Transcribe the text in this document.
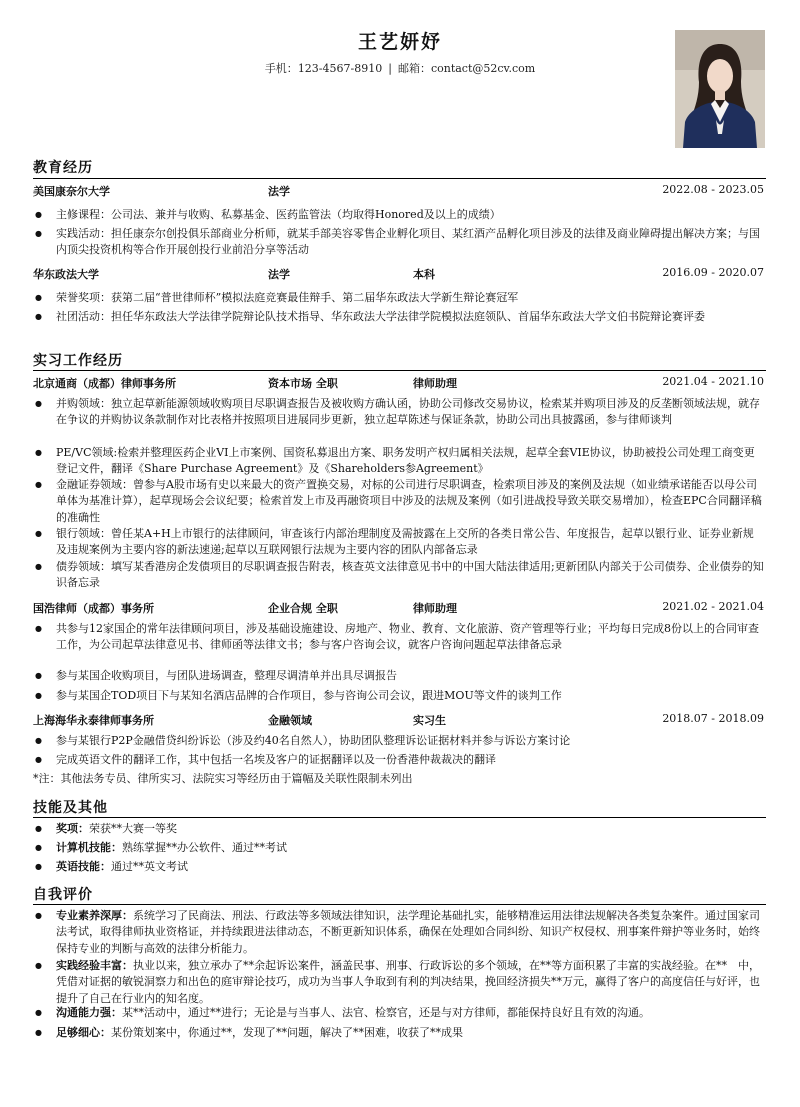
王艺妍妤
手机：123-4567-8910 | 邮箱：contact@52cv.com
教育经历
美国康奈尔大学	法学	2022.08 - 2023.05
● 主修课程：公司法、兼并与收购、私募基金、医药监管法（均取得Honored及以上的成绩）
● 实践活动：担任康奈尔创投俱乐部商业分析师，就某手部美容零售企业孵化项目、某红酒产品孵化项目涉及的法律及商业障碍提出解决方案；与国内顶尖投资机构等合作开展创投行业前沿分享等活动
华东政法大学	法学	本科	2016.09 - 2020.07
● 荣誉奖项：获第二届“普世律师杯”模拟法庭竞赛最佳辩手、第二届华东政法大学新生辩论赛冠军
● 社团活动：担任华东政法大学法律学院辩论队技术指导、华东政法大学法律学院模拟法庭领队、首届华东政法大学文伯书院辩论赛评委
实习工作经历
北京通商（成都）律师事务所	资本市场 全职	律师助理	2021.04 - 2021.10
● 并购领域：独立起草新能源领域收购项目尽职调查报告及被收购方确认函，协助公司修改交易协议，检索某并购项目涉及的反垄断领域法规，就存在争议的并购协议条款制作对比表格并按照项目进展同步更新，独立起草陈述与保证条款，协助公司出具披露函，参与律师谈判
● PE/VC领域:检索并整理医药企业VI上市案例、国资私募退出方案、职务发明产权归属相关法规，起草全套VIE协议，协助被投公司处理工商变更登记文件，翻译《Share Purchase Agreement》及《Shareholders参Agreement》
● 金融证券领域：曾参与A股市场有史以来最大的资产置换交易，对标的公司进行尽职调查，检索项目涉及的案例及法规（如业绩承诺能否以母公司单体为基准计算），起草现场会会议纪要；检索首发上市及再融资项目中涉及的法规及案例（如引进战投导致关联交易增加），检查EPC合同翻译稿的准确性
● 银行领域：曾任某A+H上市银行的法律顾问，审查该行内部治理制度及需披露在上交所的各类日常公告、年度报告，起草以银行业、证券业新规及违规案例为主要内容的新法速递;起草以互联网银行法规为主要内容的团队内部备忘录
● 债券领域：填写某香港房企发债项目的尽职调查报告附表，核查英文法律意见书中的中国大陆法律适用;更新团队内部关于公司债券、企业债券的知识备忘录
国浩律师（成都）事务所	企业合规 全职	律师助理	2021.02 - 2021.04
● 共参与12家国企的常年法律顾问项目，涉及基础设施建设、房地产、物业、教育、文化旅游、资产管理等行业；平均每日完成8份以上的合同审查工作，为公司起草法律意见书、律师函等法律文书；参与客户咨询会议，就客户咨询问题起草法律备忘录
● 参与某国企收购项目，与团队进场调查，整理尽调清单并出具尽调报告
● 参与某国企TOD项目下与某知名酒店品牌的合作项目，参与咨询公司会议，跟进MOU等文件的谈判工作
上海海华永泰律师事务所	金融领域	实习生	2018.07 - 2018.09
● 参与某银行P2P金融借贷纠纷诉讼（涉及约40名自然人），协助团队整理诉讼证据材料并参与诉讼方案讨论
● 完成英语文件的翻译工作，其中包括一名埃及客户的证据翻译以及一份香港仲裁裁决的翻译
*注：其他法务专员、律所实习、法院实习等经历由于篇幅及关联性限制未列出
技能及其他
● 奖项：荣获**大赛一等奖
● 计算机技能：熟练掌握**办公软件、通过**考试
● 英语技能：通过**英文考试
自我评价
● 专业素养深厚：系统学习了民商法、刑法、行政法等多领域法律知识，法学理论基础扎实，能够精准运用法律法规解决各类复杂案件。通过国家司法考试，取得律师执业资格证，并持续跟进法律动态，不断更新知识体系，确保在处理如合同纠纷、知识产权侵权、刑事案件辩护等业务时，始终保持专业的判断与高效的法律分析能力。
● 实践经验丰富：执业以来，独立承办了**余起诉讼案件，涵盖民事、刑事、行政诉讼的多个领域，在**等方面积累了丰富的实战经验。在**　中，凭借对证据的敏锐洞察力和出色的庭审辩论技巧，成功为当事人争取到有利的判决结果，挽回经济损失**万元，赢得了客户的高度信任与好评，也提升了自己在行业内的知名度。
● 沟通能力强：某**活动中，通过**进行；无论是与当事人、法官、检察官，还是与对方律师，都能保持良好且有效的沟通。
● 足够细心：某份策划案中，你通过**，发现了**问题，解决了**困难，收获了**成果
